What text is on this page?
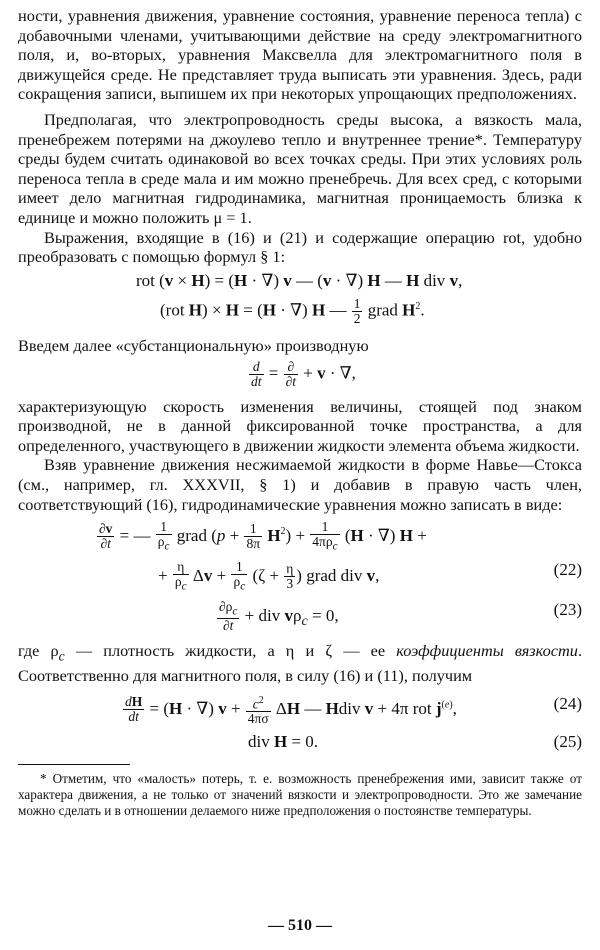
ности, уравнения движения, уравнение состояния, уравнение переноса тепла) с добавочными членами, учитывающими действие на среду электромагнитного поля, и, во-вторых, уравнения Максвелла для электромагнитного поля в движущейся среде. Не представляет труда выписать эти уравнения. Здесь, ради сокращения записи, выпишем их при некоторых упрощающих предположениях.

Предполагая, что электропроводность среды высока, а вязкость мала, пренебрежем потерями на джоулево тепло и внутреннее трение*. Температуру среды будем считать одинаковой во всех точках среды. При этих условиях роль переноса тепла в среде мала и им можно пренебречь. Для всех сред, с которыми имеет дело магнитная гидродинамика, магнитная проницаемость близка к единице и можно положить μ = 1.

Выражения, входящие в (16) и (21) и содержащие операцию rot, удобно преобразовать с помощью формул § 1:

rot (v × H) = (H · ∇) v — (v · ∇) H — H div v,
(rot H) × H = (H · ∇) H — $\frac{1}{2}$ grad $H^2$.

Введем далее «субстанциональную» производную

$\frac{d}{dt} = \frac{\partial}{\partial t} + v$ · ∇,

характеризующую скорость изменения величины, стоящей под знаком производной, не в данной фиксированной точке пространства, а для определенного, участвующего в движении жидкости элемента объема жидкости.

Взяв уравнение движения несжимаемой жидкости в форме Навье—Стокса (см., например, гл. XXXVII, § 1) и добавив в правую часть член, соответствующий (16), гидродинамические уравнения можно записать в виде:

$\frac{\partial v}{\partial t}$ = — $\frac{1}{\rho_c}$ grad $(p + \frac{1}{8\pi} H^2) + \frac{1}{4\pi\rho_c} (H$ · ∇) H +
+ $\frac{\eta}{\rho_c}$ $\Delta v + \frac{1}{\rho_c} (\zeta + \frac{\eta}{3}$ ) grad div v,	(22)
$\frac{\partial\rho_c}{\partial t}$ + div $v\rho_c = 0$,	(23)

где $\rho_c$ — плотность жидкости, а η и ζ — ее коэффициенты вязкости. Соответственно для магнитного поля, в силу (16) и (11), получим

$\frac{dH}{dt} = (H$ · ∇) $v + \frac{c^2}{4\pi\sigma}$ ΔH — Hdiv v + 4π rot $j^{(e)}$,	(24)
div H = 0.	(25)
* Отметим, что «малость» потерь, т. е. возможность пренебрежения ими, зависит также от характера движения, а не только от значений вязкости и электропроводности. Это же замечание можно сделать и в отношении делаемого ниже предположения о постоянстве температуры.
— 510 —
